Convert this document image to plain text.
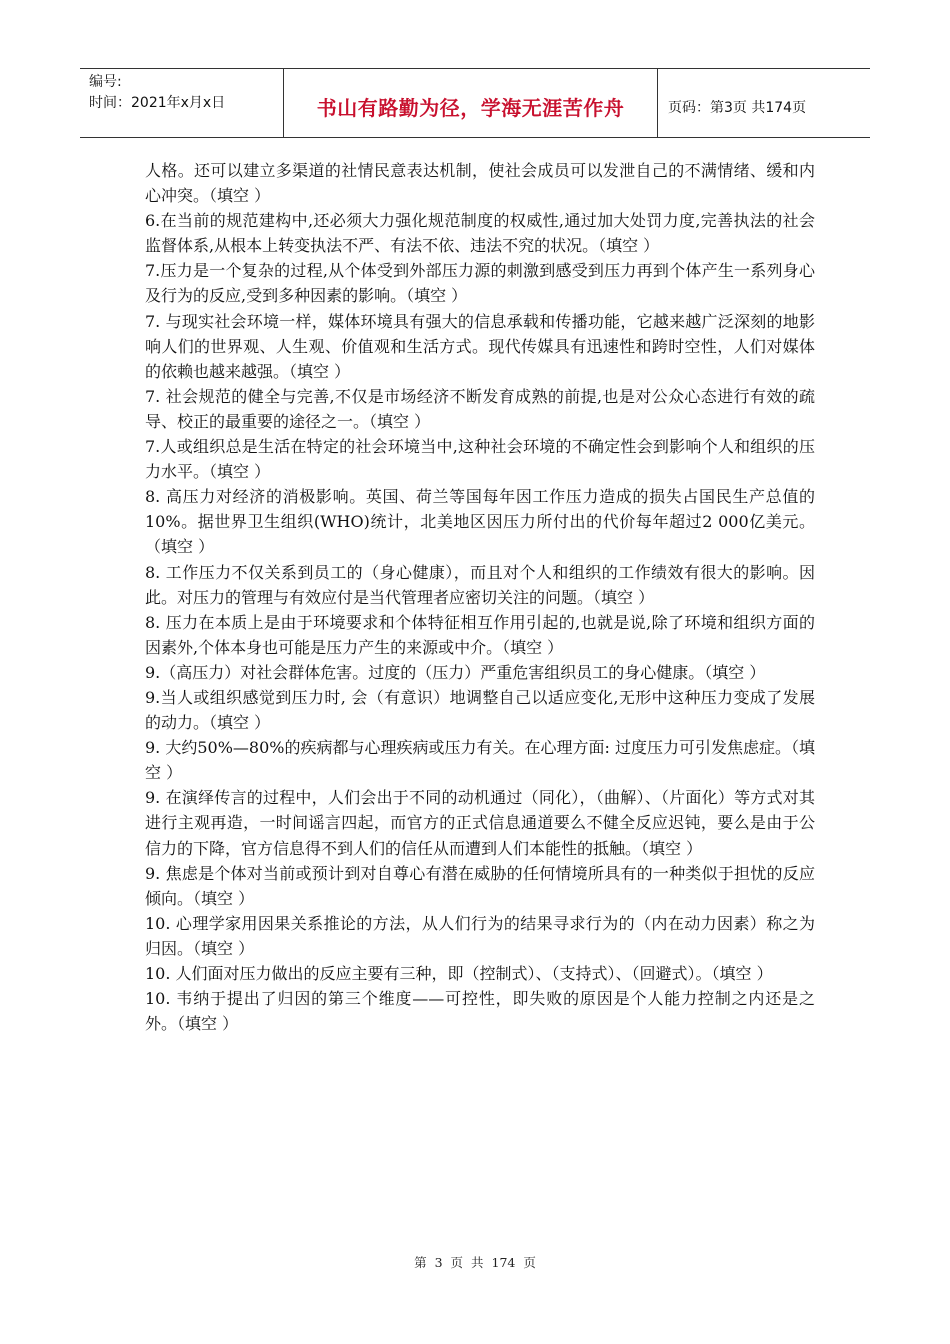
编号:
时间：2021年x月x日	书山有路勤为径，学海无涯苦作舟	页码：第3页 共174页

人格。还可以建立多渠道的社情民意表达机制，使社会成员可以发泄自己的不满情绪、缓和内心冲突。（填空 ）

6.在当前的规范建构中,还必须大力强化规范制度的权威性,通过加大处罚力度,完善执法的社会监督体系,从根本上转变执法不严、有法不依、违法不究的状况。（填空 ）

7.压力是一个复杂的过程,从个体受到外部压力源的刺激到感受到压力再到个体产生一系列身心及行为的反应,受到多种因素的影响。（填空 ）

7. 与现实社会环境一样，媒体环境具有强大的信息承载和传播功能，它越来越广泛深刻的地影响人们的世界观、人生观、价值观和生活方式。现代传媒具有迅速性和跨时空性，人们对媒体的依赖也越来越强。（填空 ）

7. 社会规范的健全与完善,不仅是市场经济不断发育成熟的前提,也是对公众心态进行有效的疏导、校正的最重要的途径之一。（填空 ）

7.人或组织总是生活在特定的社会环境当中,这种社会环境的不确定性会到影响个人和组织的压力水平。（填空 ）

8. 高压力对经济的消极影响。英国、荷兰等国每年因工作压力造成的损失占国民生产总值的10%。据世界卫生组织(WHO)统计，北美地区因压力所付出的代价每年超过2 000亿美元。（填空 ）

8. 工作压力不仅关系到员工的（身心健康），而且对个人和组织的工作绩效有很大的影响。因此。对压力的管理与有效应付是当代管理者应密切关注的问题。（填空 ）

8. 压力在本质上是由于环境要求和个体特征相互作用引起的,也就是说,除了环境和组织方面的因素外,个体本身也可能是压力产生的来源或中介。（填空 ）

9.（高压力）对社会群体危害。过度的（压力）严重危害组织员工的身心健康。（填空 ）

9.当人或组织感觉到压力时, 会（有意识）地调整自己以适应变化,无形中这种压力变成了发展的动力。（填空 ）

9. 大约50%—80%的疾病都与心理疾病或压力有关。在心理方面: 过度压力可引发焦虑症。（填空 ）

9. 在演绎传言的过程中，人们会出于不同的动机通过（同化），（曲解）、（片面化）等方式对其进行主观再造，一时间谣言四起，而官方的正式信息通道要么不健全反应迟钝，要么是由于公信力的下降，官方信息得不到人们的信任从而遭到人们本能性的抵触。（填空 ）

9. 焦虑是个体对当前或预计到对自尊心有潜在威胁的任何情境所具有的一种类似于担忧的反应倾向。（填空 ）

10. 心理学家用因果关系推论的方法，从人们行为的结果寻求行为的（内在动力因素）称之为归因。（填空 ）

10. 人们面对压力做出的反应主要有三种，即（控制式）、（支持式）、（回避式）。（填空 ）

10. 韦纳于提出了归因的第三个维度——可控性，即失败的原因是个人能力控制之内还是之外。（填空 ）

第 3 页 共 174 页
